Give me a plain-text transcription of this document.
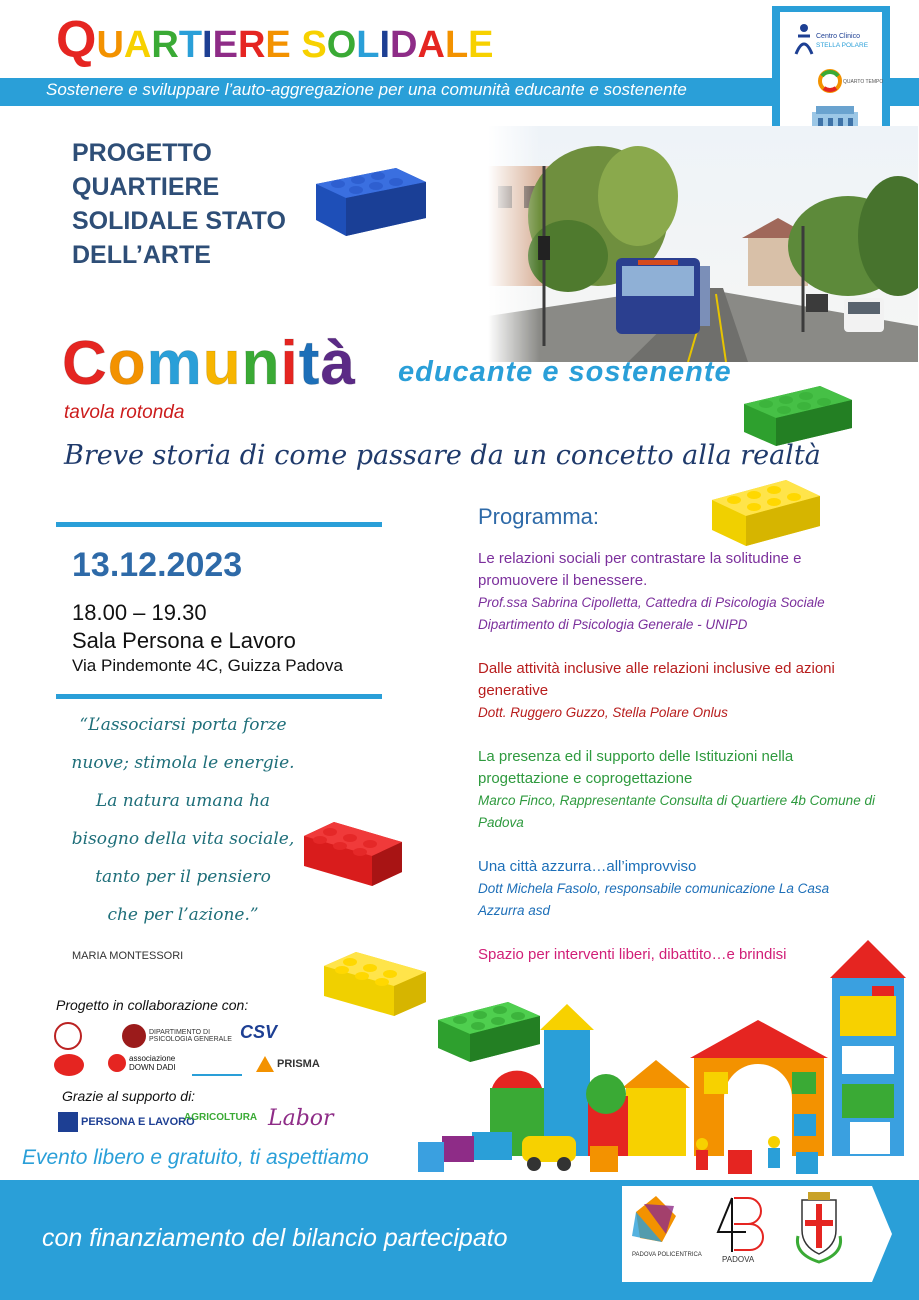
QUARTIERE SOLIDALE
Sostenere e sviluppare l’auto-aggregazione per una comunità educante e sostenente
Centro Clinico
STELLA POLARE
QUARTO TEMPO
PROGETTO
QUARTIERE
SOLIDALE STATO
DELL’ARTE
Comunità educante e sostenente
tavola rotonda
Breve storia di come passare da un concetto alla realtà
13.12.2023
18.00 – 19.30
Sala Persona e Lavoro
Via Pindemonte 4C, Guizza Padova
“L’associarsi porta forze
nuove; stimola le energie.
La natura umana ha
bisogno della vita sociale,
tanto per il pensiero
che per l’azione.”
MARIA MONTESSORI
Programma:
Le relazioni sociali per contrastare la solitudine e promuovere il benessere.
Prof.ssa Sabrina Cipolletta, Cattedra di Psicologia Sociale Dipartimento di Psicologia Generale - UNIPD
Dalle attività inclusive alle relazioni inclusive ed azioni generative
Dott. Ruggero Guzzo, Stella Polare Onlus
La presenza ed il supporto delle Istituzioni nella progettazione e coprogettazione
Marco Finco, Rappresentante Consulta di Quartiere 4b Comune di Padova
Una città azzurra…all’improvviso
Dott Michela Fasolo, responsabile comunicazione La Casa Azzurra asd
Spazio per interventi liberi, dibattito…e brindisi
Progetto in collaborazione con:
DIPARTIMENTO DI PSICOLOGIA GENERALE CSV
associazione DOWN DADI	PRISMA
Grazie al supporto di:
PERSONA E LAVORO
AGRICOLTURA Labor
Evento libero e gratuito, ti aspettiamo
con finanziamento del bilancio partecipato
PADOVA POLICENTRICA	PADOVA
